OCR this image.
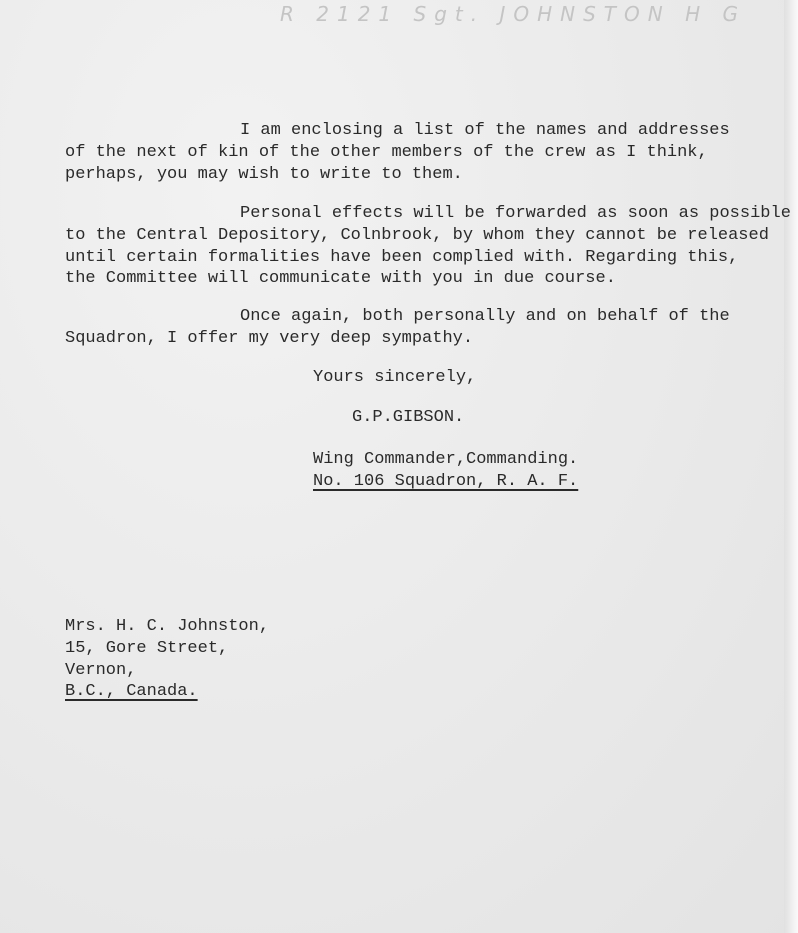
R 2121 Sgt. JOHNSTON H G
I am enclosing a list of the names and addresses
of the next of kin of the other members of the crew as I think,
perhaps, you may wish to write to them.
Personal effects will be forwarded as soon as possible
to the Central Depository, Colnbrook, by whom they cannot be released
until certain formalities have been complied with. Regarding this,
the Committee will communicate with you in due course.
Once again, both personally and on behalf of the
Squadron, I offer my very deep sympathy.
Yours sincerely,
G.P.GIBSON.
Wing Commander,Commanding.
No. 106 Squadron, R. A. F.
Mrs. H. C. Johnston,
15, Gore Street,
Vernon,
B.C., Canada.
